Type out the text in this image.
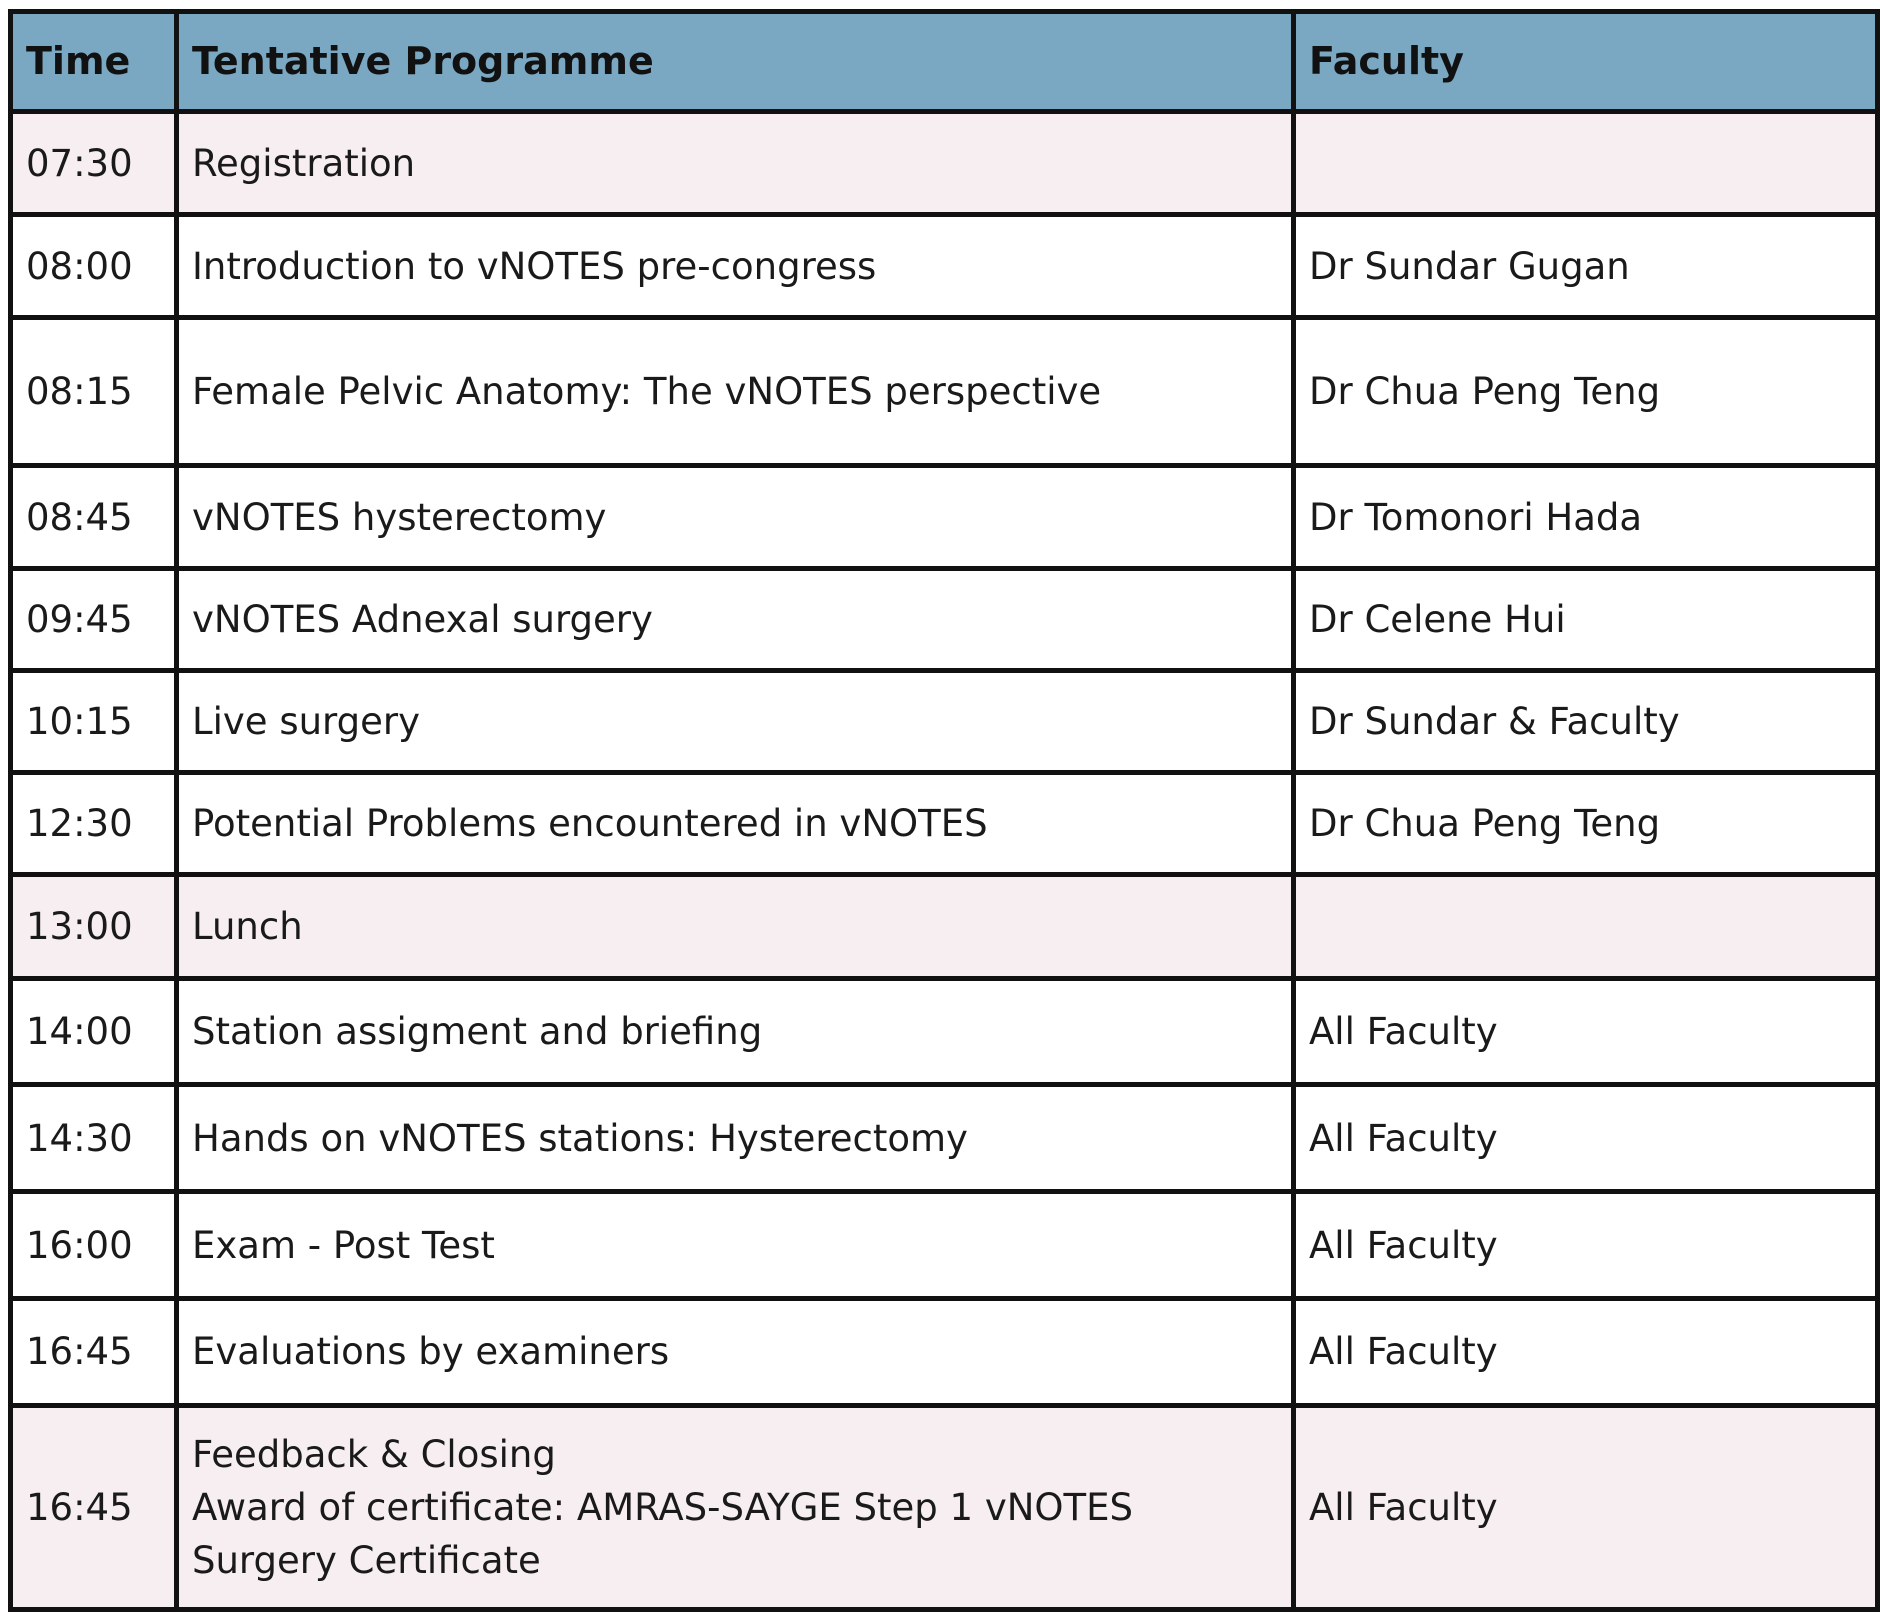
Time	Tentative Programme	Faculty
07:30	Registration	

08:00	Introduction to vNOTES pre-congress	Dr Sundar Gugan
08:15	Female Pelvic Anatomy: The vNOTES perspective	Dr Chua Peng Teng
08:45	vNOTES hysterectomy	Dr Tomonori Hada
09:45	vNOTES Adnexal surgery	Dr Celene Hui
10:15	Live surgery	Dr Sundar & Faculty
12:30	Potential Problems encountered in vNOTES	Dr Chua Peng Teng
13:00	Lunch	

14:00	Station assigment and briefing	All Faculty
14:30	Hands on vNOTES stations: Hysterectomy	All Faculty
16:00	Exam - Post Test	All Faculty
16:45	Evaluations by examiners	All Faculty
16:45	Feedback & Closing
Award of certificate: AMRAS-SAYGE Step 1 vNOTES
Surgery Certificate	All Faculty
